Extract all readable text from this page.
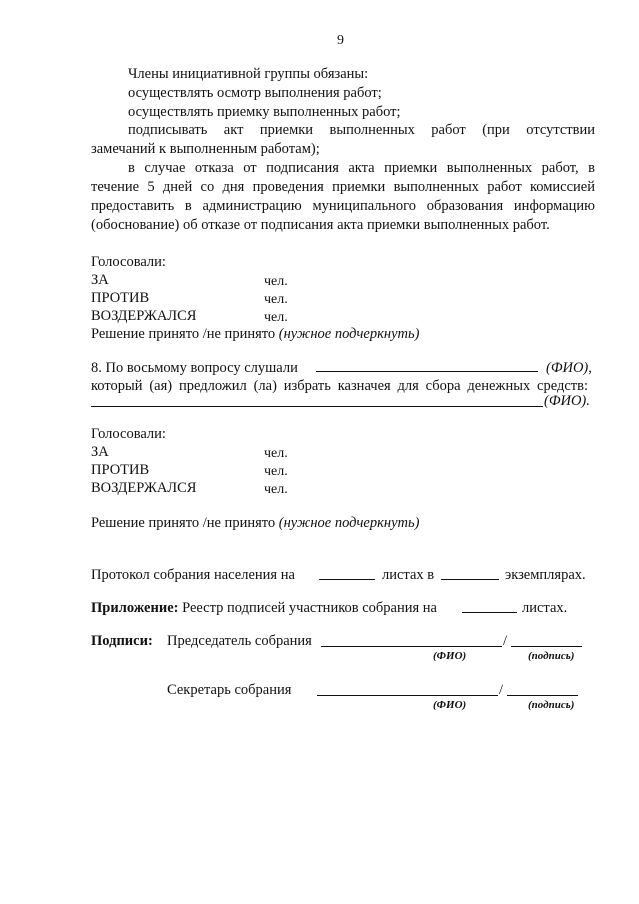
9
Члены инициативной группы обязаны:
осуществлять осмотр выполнения работ;
осуществлять приемку выполненных работ;
подписывать акт приемки выполненных работ (при отсутствии
замечаний к выполненным работам);
в случае отказа от подписания акта приемки выполненных работ, в
течение 5 дней со дня проведения приемки выполненных работ комиссией
предоставить в администрацию муниципального образования информацию
(обоснование) об отказе от подписания акта приемки выполненных работ.
Голосовали:
ЗА	чел.
ПРОТИВ	чел.
ВОЗДЕРЖАЛСЯ	чел.
Решение принято /не принято (нужное подчеркнуть)
8. По восьмому вопросу слушали	(ФИО),
который (ая) предложил (ла) избрать казначея для сбора денежных средств:
(ФИО).
Голосовали:
ЗА	чел.
ПРОТИВ	чел.
ВОЗДЕРЖАЛСЯ	чел.
Решение принято /не принято (нужное подчеркнуть)
Протокол собрания населения на	листах в	экземплярах.
Приложение: Реестр подписей участников собрания на	листах.
Подписи: Председатель собрания	/
(ФИО)	(подпись)
Секретарь собрания	/
(ФИО)	(подпись)
